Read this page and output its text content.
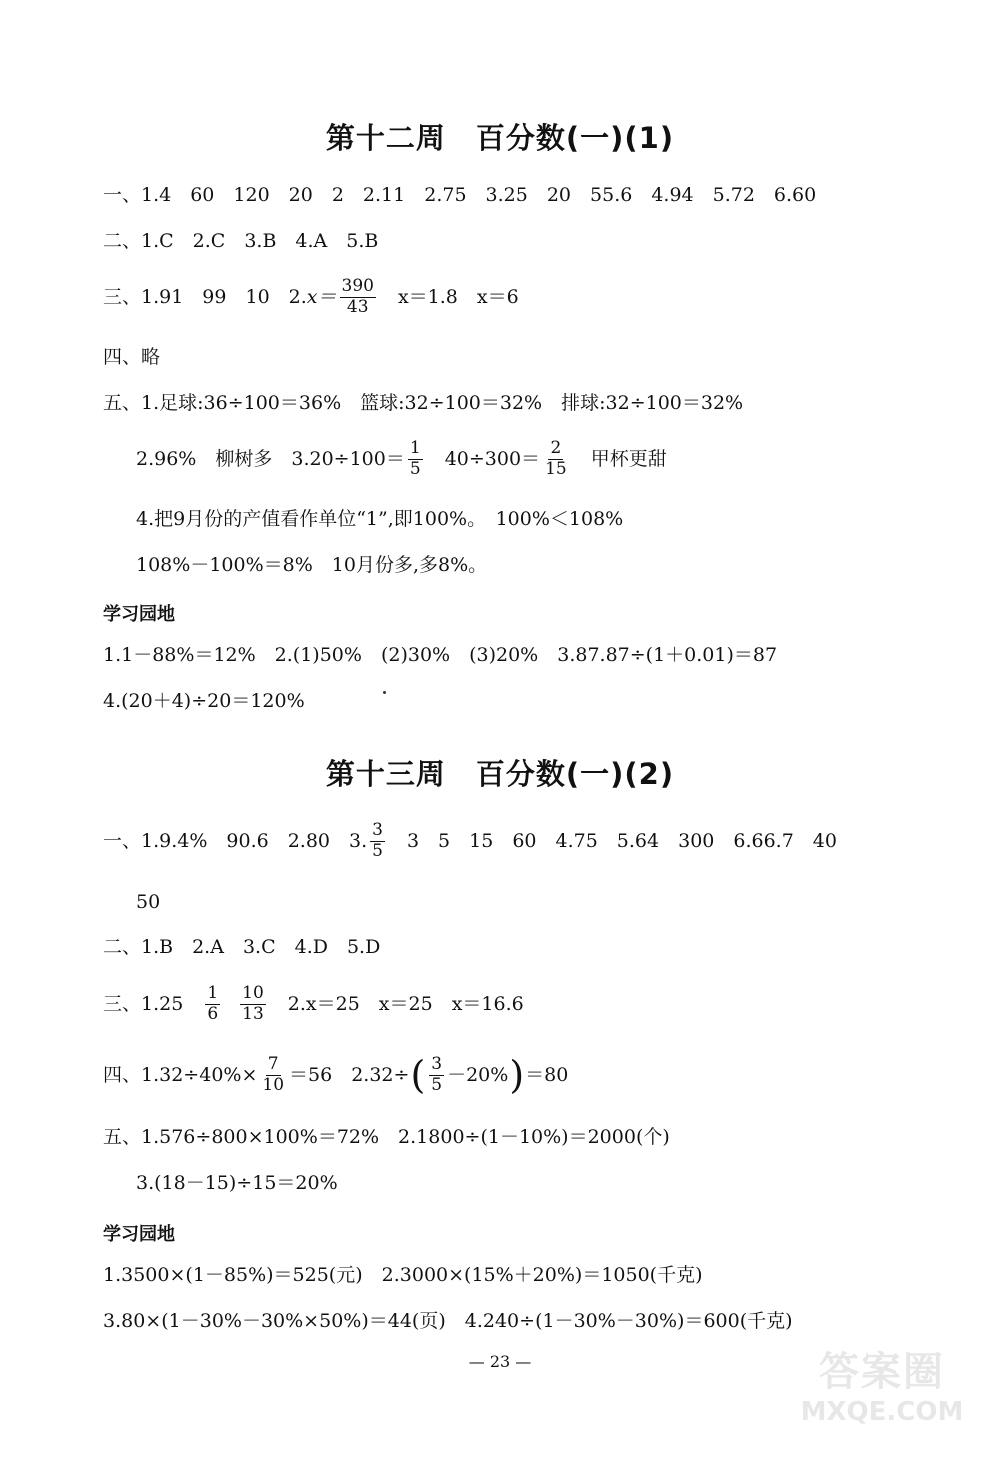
第十二周　百分数(一)(1)
一、1.4　60　120　20　2　2.11　2.75　3.25　20　55.6　4.94　5.72　6.60
二、1.C　2.C　3.B　4.A　5.B
三、1.91　99　10　2. $x= \frac{390}{43}$ 　x＝1.8　x＝6
四、略
五、1.足球:36÷100＝36%　篮球:32÷100＝32%　排球:32÷100＝32%
2.96%　柳树多　$3.20\div 100= \frac{1}{5}$ 　$40\div 300= \frac{2}{15}$ 　甲杯更甜
4.把9月份的产值看作单位“1”,即100%。　100%＜108%
108%－100%＝8%　10月份多,多8%。
学习园地
1.1－88%＝12%　2.(1)50%　(2)30%　(3)20%　3.87.87÷(1＋0.01)＝87
4.(20＋4)÷20＝120%
第十三周　百分数(一)(2)
一、1.9.4%　90.6　2.80　3. $\frac{3}{5}$ 　3　5　15　60　4.75　5.64　300　6.66.7　40
50
二、1.B　2.A　3.C　4.D　5.D
三、1.25　 $\frac{1}{6} \frac{10}{13}$ 　2.x＝25　x＝25　x＝16.6
四、$1.32\div 40\%\times \frac{7}{10} =56$　2.32÷ ( $\frac{3}{5} -20\%$ ) ＝80
五、1.576÷800×100%＝72%　2.1800÷(1－10%)＝2000(个)
3.(18－15)÷15＝20%
学习园地
1.3500×(1－85%)＝525(元)　2.3000×(15%＋20%)＝1050(千克)
3.80×(1－30%－30%×50%)＝44(页)　4.240÷(1－30%－30%)＝600(千克)
— 23 —	答案圈
MXQE.COM
